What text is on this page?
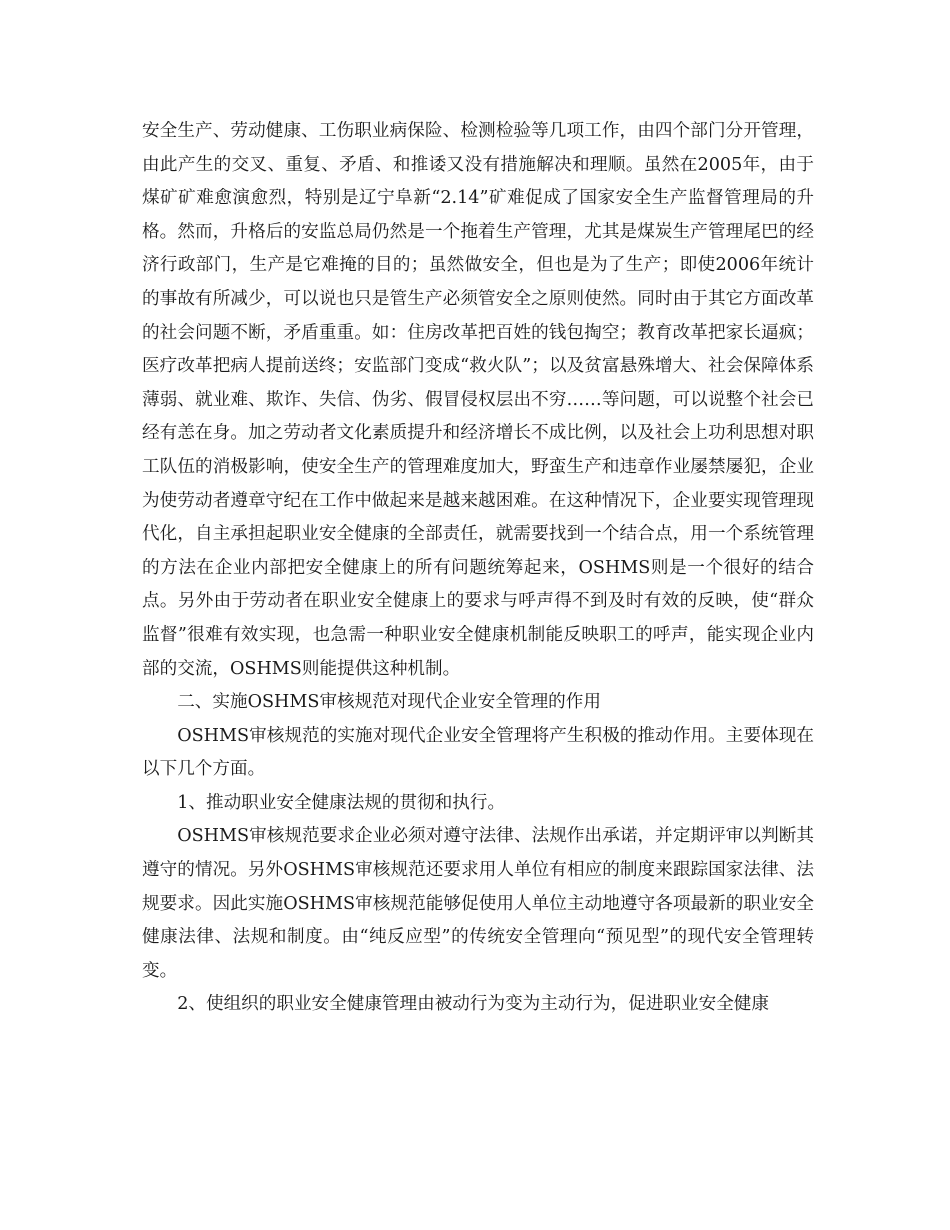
安全生产、劳动健康、工伤职业病保险、检测检验等几项工作，由四个部门分开管理，由此产生的交叉、重复、矛盾、和推诿又没有措施解决和理顺。虽然在2005年，由于煤矿矿难愈演愈烈，特别是辽宁阜新“2.14”矿难促成了国家安全生产监督管理局的升格。然而，升格后的安监总局仍然是一个拖着生产管理，尤其是煤炭生产管理尾巴的经济行政部门，生产是它难掩的目的；虽然做安全，但也是为了生产；即使2006年统计的事故有所减少，可以说也只是管生产必须管安全之原则使然。同时由于其它方面改革的社会问题不断，矛盾重重。如：住房改革把百姓的钱包掏空；教育改革把家长逼疯；医疗改革把病人提前送终；安监部门变成“救火队”；以及贫富悬殊增大、社会保障体系薄弱、就业难、欺诈、失信、伪劣、假冒侵权层出不穷……等问题，可以说整个社会已经有恙在身。加之劳动者文化素质提升和经济增长不成比例，以及社会上功利思想对职工队伍的消极影响，使安全生产的管理难度加大，野蛮生产和违章作业屡禁屡犯，企业为使劳动者遵章守纪在工作中做起来是越来越困难。在这种情况下，企业要实现管理现代化，自主承担起职业安全健康的全部责任，就需要找到一个结合点，用一个系统管理的方法在企业内部把安全健康上的所有问题统筹起来，OSHMS则是一个很好的结合点。另外由于劳动者在职业安全健康上的要求与呼声得不到及时有效的反映，使“群众监督”很难有效实现，也急需一种职业安全健康机制能反映职工的呼声，能实现企业内部的交流，OSHMS则能提供这种机制。

二、实施OSHMS审核规范对现代企业安全管理的作用

OSHMS审核规范的实施对现代企业安全管理将产生积极的推动作用。主要体现在以下几个方面。

1、推动职业安全健康法规的贯彻和执行。

OSHMS审核规范要求企业必须对遵守法律、法规作出承诺，并定期评审以判断其遵守的情况。另外OSHMS审核规范还要求用人单位有相应的制度来跟踪国家法律、法规要求。因此实施OSHMS审核规范能够促使用人单位主动地遵守各项最新的职业安全健康法律、法规和制度。由“纯反应型”的传统安全管理向“预见型”的现代安全管理转变。

2、使组织的职业安全健康管理由被动行为变为主动行为，促进职业安全健康
